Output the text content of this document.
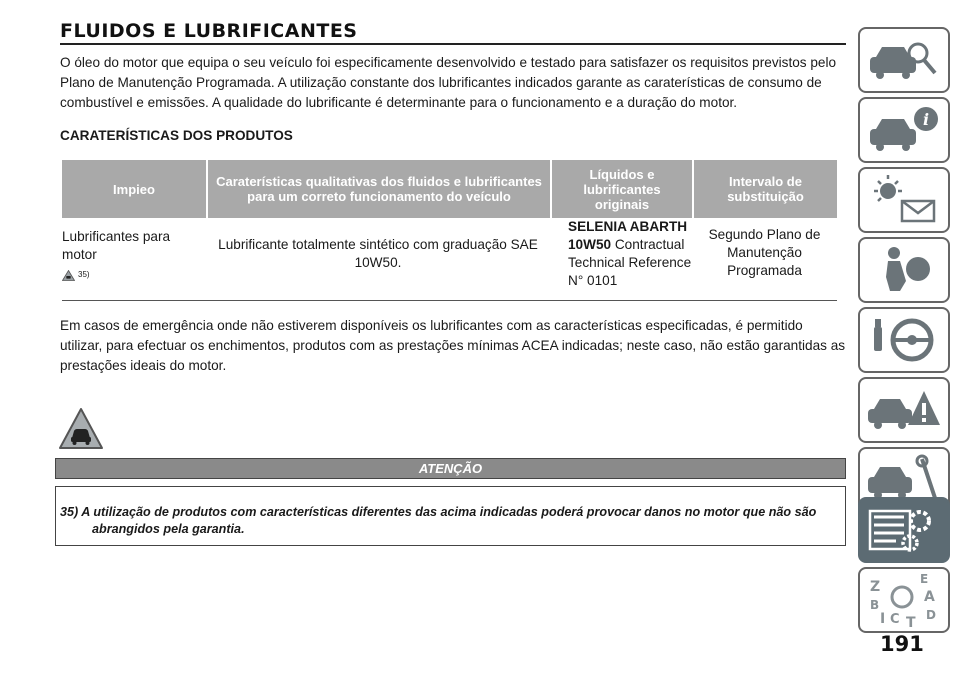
FLUIDOS E LUBRIFICANTES

O óleo do motor que equipa o seu veículo foi especificamente desenvolvido e testado para satisfazer os requisitos previstos pelo Plano de Manutenção Programada. A utilização constante dos lubrificantes indicados garante as caraterísticas de consumo de combustível e emissões. A qualidade do lubrificante é determinante para o funcionamento e a duração do motor.

CARATERÍSTICAS DOS PRODUTOS
Impieo	Caraterísticas qualitativas dos fluidos e lubrificantes para um correto funcionamento do veículo
Líquidos e lubrificantes originais
Intervalo de substituição
Lubrificantes para motor
35)
Lubrificante totalmente sintético com graduação SAE 10W50.
SELENIA ABARTH 10W50 Contractual Technical Reference N° 0101
Segundo Plano de Manutenção Programada

Em casos de emergência onde não estiverem disponíveis os lubrificantes com as características especificadas, é permitido utilizar, para efectuar os enchimentos, produtos com as prestações mínimas ACEA indicadas; neste caso, não estão garantidas as prestações ideais do motor.

ATENÇÃO

35) A utilização de produtos com características diferentes das acima indicadas poderá provocar danos no motor que não são abrangidos pela garantia.

i
Z	E
A
B
I C T D
191
